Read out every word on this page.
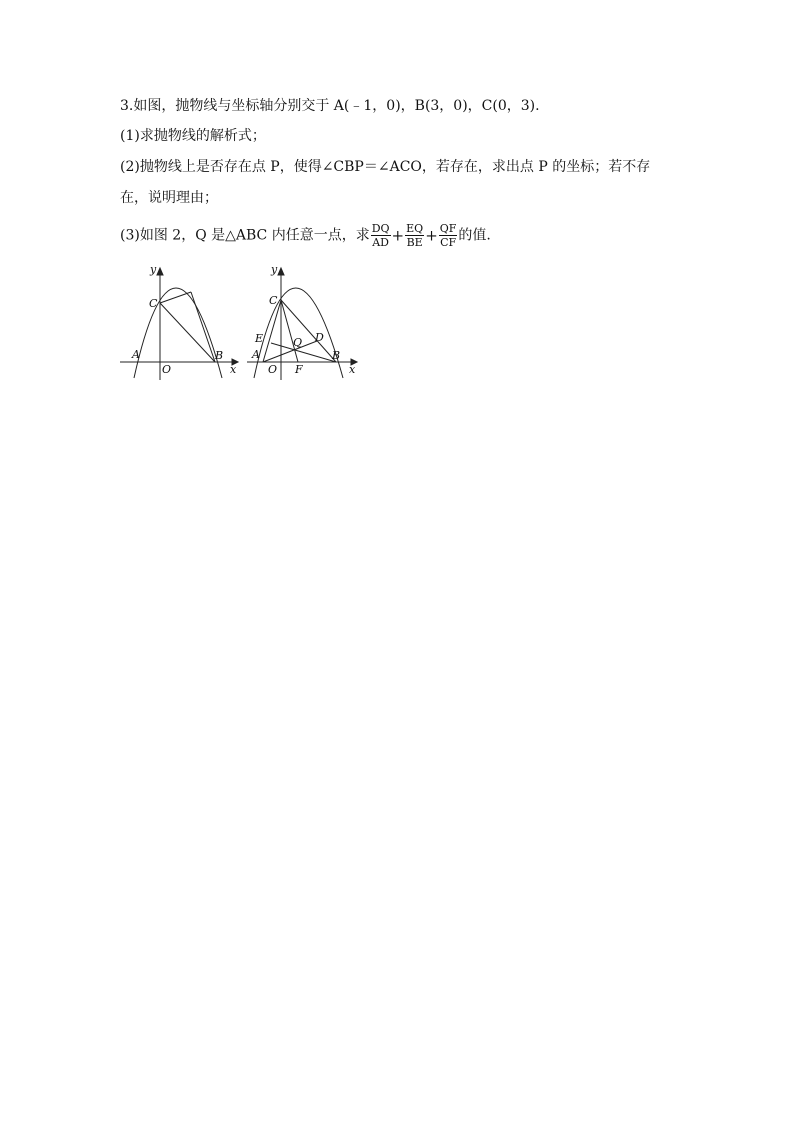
3.如图，抛物线与坐标轴分别交于 A(﹣1，0)，B(3，0)，C(0，3).
(1)求抛物线的解析式；
(2)抛物线上是否存在点 P，使得∠CBP＝∠ACO，若存在，求出点 P 的坐标；若不存
在，说明理由；
(3)如图 2，Q 是△ABC 内任意一点，求 $\frac{DQ}{AD} + \frac{EQ}{BE} + \frac{QF}{CF}$ 的值.
y
x
C
A
O
B
y
x
C
E	Q D
A
O F
B
